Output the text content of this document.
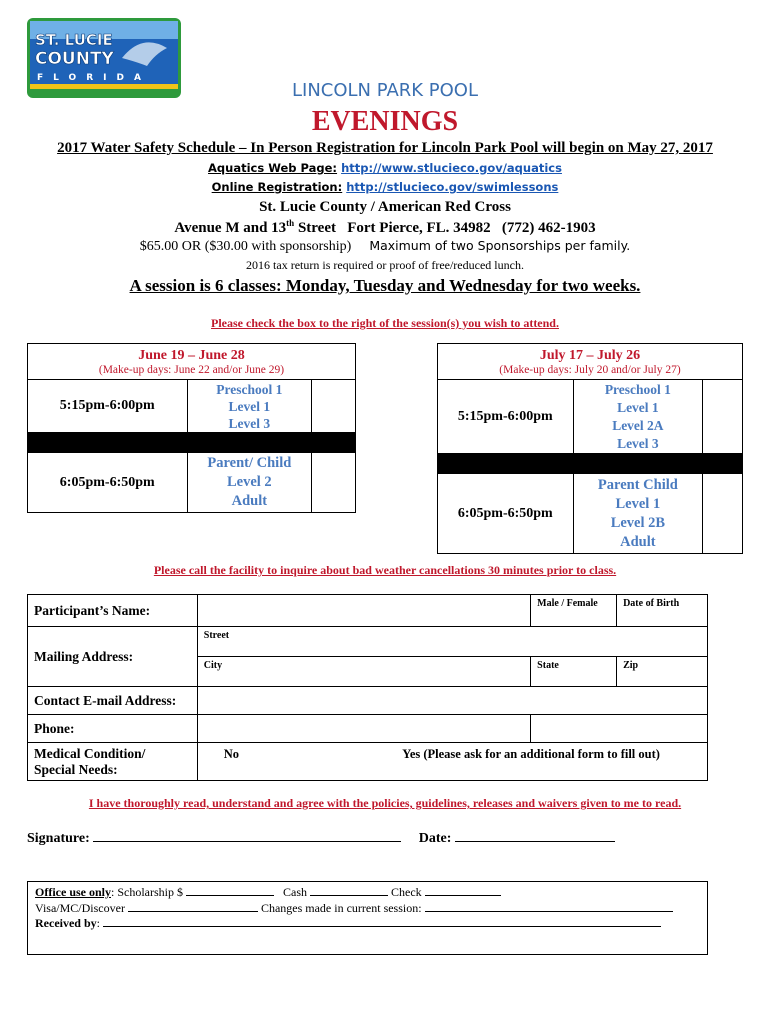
ST. LUCIE
COUNTY
FLORIDA
LINCOLN PARK POOL
EVENINGS
2017 Water Safety Schedule – In Person Registration for Lincoln Park Pool will begin on May 27, 2017
Aquatics Web Page: http://www.stlucieco.gov/aquatics
Online Registration: http://stlucieco.gov/swimlessons
St. Lucie County / American Red Cross
Avenue M and 13th Street   Fort Pierce, FL. 34982   (772) 462-1903
$65.00 OR ($30.00 with sponsorship) Maximum of two Sponsorships per family.
2016 tax return is required or proof of free/reduced lunch.
A session is 6 classes: Monday, Tuesday and Wednesday for two weeks.
Please check the box to the right of the session(s) you wish to attend.
June 19 – June 28
(Make-up days: June 22 and/or June 29)		

5:15pm-6:00pm	Preschool 1
Level 1
Level 3	

6:05pm-6:50pm	Parent/ Child
Level 2
Adult	

July 17 – July 26
(Make-up days: July 20 and/or July 27)		

5:15pm-6:00pm	Preschool 1
Level 1
Level 2A
Level 3	

6:05pm-6:50pm	Parent Child
Level 1
Level 2B
Adult	

Please call the facility to inquire about bad weather cancellations 30 minutes prior to class.
Participant’s Name:		Male / Female	Date of Birth
Mailing Address:	Street		
	City	State	Zip
Contact E-mail Address:			
Phone:			

Medical Condition/
Special Needs:	No Yes (Please ask for an additional form to fill out)		
I have thoroughly read, understand and agree with the policies, guidelines, releases and waivers given to me to read.
Signature:	Date:
Office use only: Scholarship $	Cash	Check
Visa/MC/Discover	Changes made in current session:
Received by:
